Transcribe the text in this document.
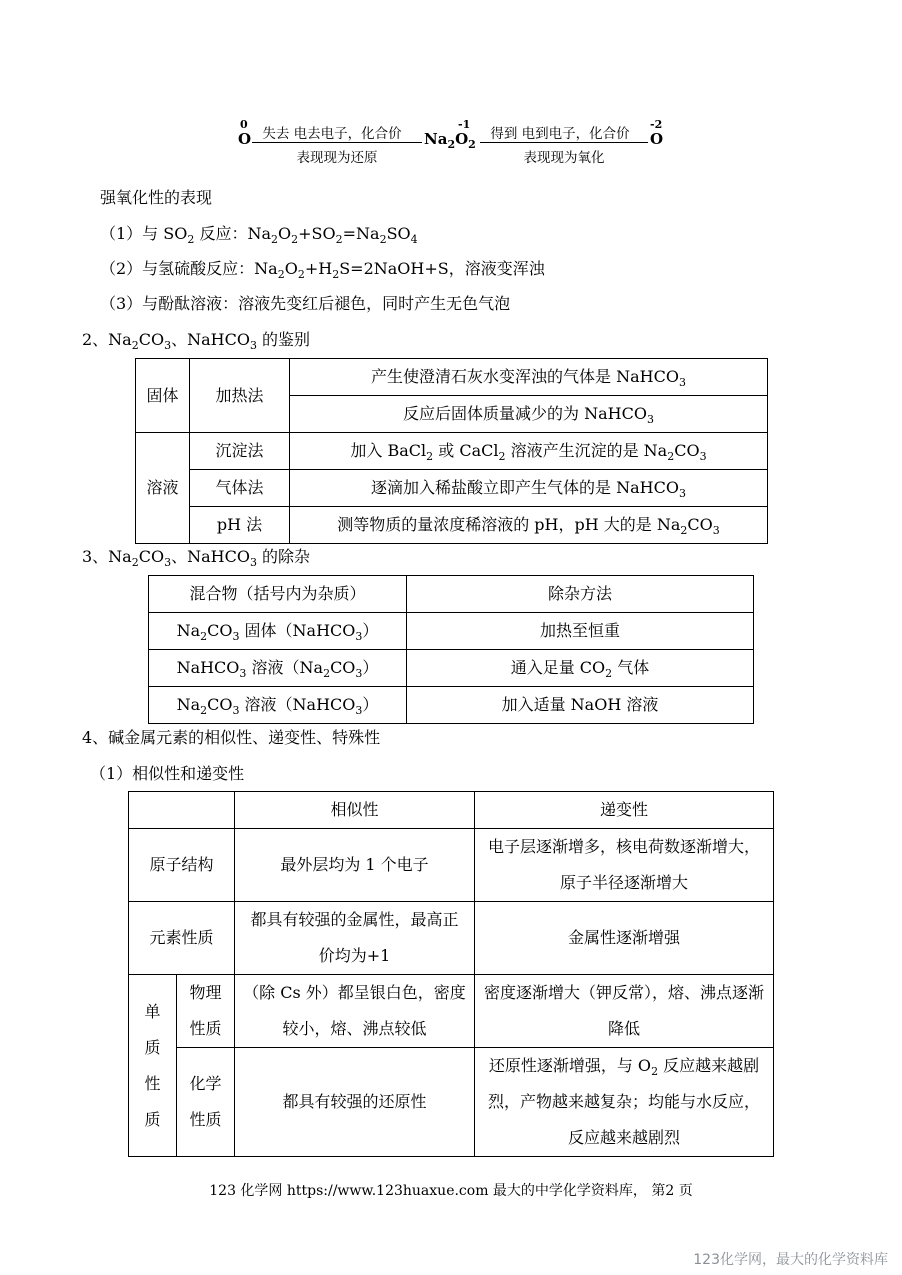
0
O 失去 电去电子，化合价
表现现为还原
-1
$Na_2O_2$
得到 电到电子，化合价
表现现为氧化
-2
O
强氧化性的表现
（1）与 $SO_2$ 反应：$Na_2O_2+SO_2=Na_2SO_4$
（2）与氢硫酸反应：$Na_2O_2+H_2S=2NaOH+S$，溶液变浑浊
（3）与酚酞溶液：溶液先变红后褪色，同时产生无色气泡
2、$Na_2CO_3$、NaHCO$_3$ 的鉴别
固体	加热法	产生使澄清石灰水变浑浊的气体是 NaHCO$_3$
		反应后固体质量减少的为 NaHCO$_3$
溶液	沉淀法	加入 BaCl$_2$ 或 CaCl$_2$ 溶液产生沉淀的是 $Na_2CO_3$
	气体法	逐滴加入稀盐酸立即产生气体的是 NaHCO$_3$
	pH 法	测等物质的量浓度稀溶液的 pH，pH 大的是 $Na_2CO_3$
3、$Na_2CO_3$、NaHCO$_3$ 的除杂
混合物（括号内为杂质）	除杂方法
$Na_2CO_3$ 固体（NaHCO$_3$）	加热至恒重
NaHCO$_3$ 溶液$(Na_2CO_3)$	通入足量 $CO_2$ 气体
$Na_2CO_3$ 溶液（NaHCO$_3$）	加入适量 NaOH 溶液
4、碱金属元素的相似性、递变性、特殊性
（1）相似性和递变性
		相似性	递变性
原子结构		最外层均为 1 个电子	电子层逐渐增多，核电荷数逐渐增大，原子半径逐渐增大
元素性质		都具有较强的金属性，最高正价均为+1	金属性逐渐增强
单质性质	物理性质	（除 Cs 外）都呈银白色，密度较小，熔、沸点较低	密度逐渐增大（钾反常），熔、沸点逐渐降低
	化学性质	都具有较强的还原性	还原性逐渐增强，与 $O_2$ 反应越来越剧烈，产物越来越复杂；均能与水反应，反应越来越剧烈
123 化学网 https://www.123huaxue.com 最大的中学化学资料库， 第2 页
123化学网，最大的化学资料库
